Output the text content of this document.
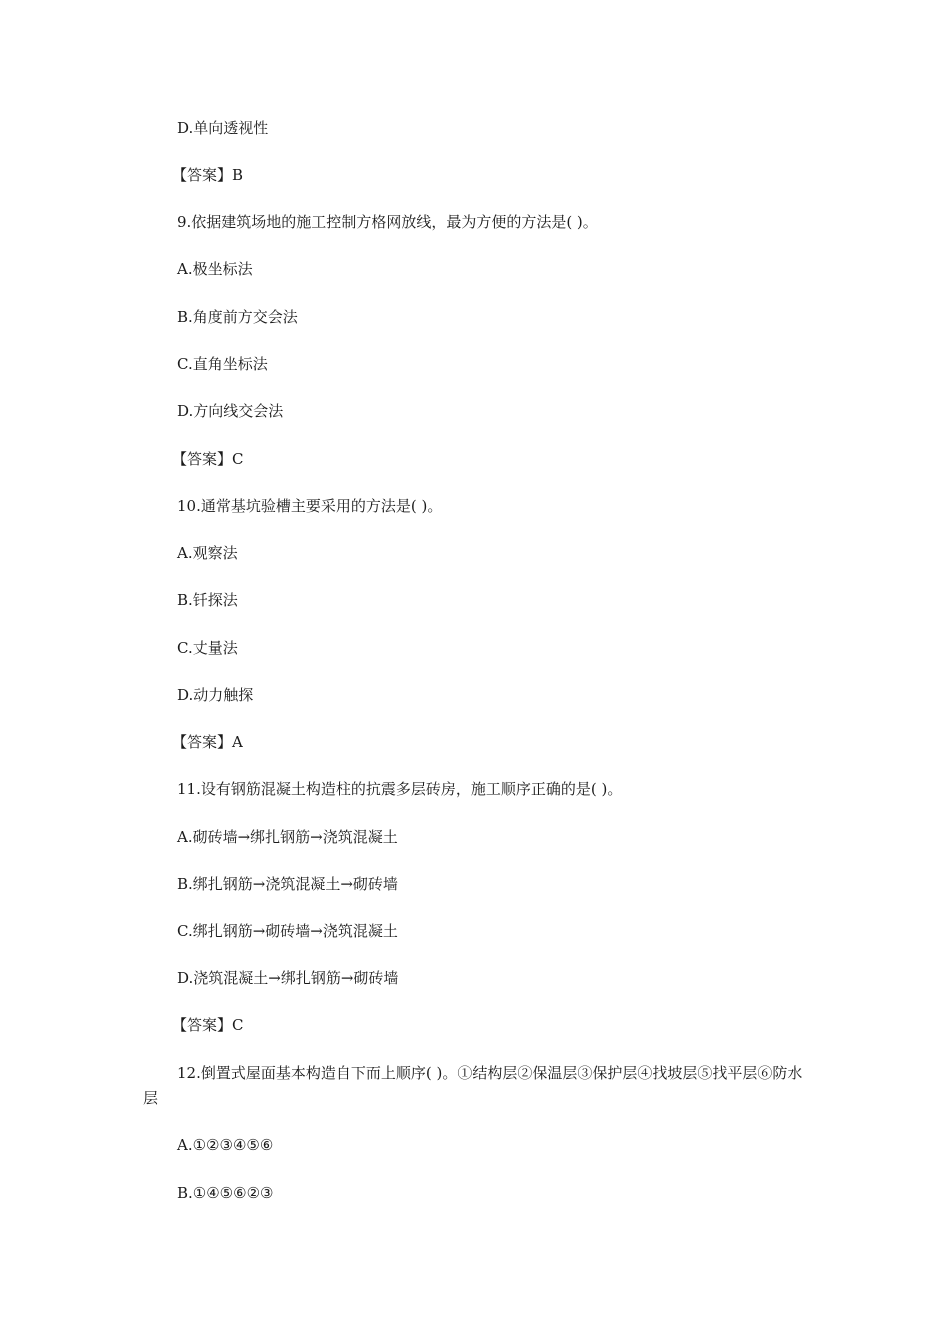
D.单向透视性
【答案】B
9.依据建筑场地的施工控制方格网放线，最为方便的方法是( )。
A.极坐标法
B.角度前方交会法
C.直角坐标法
D.方向线交会法
【答案】C
10.通常基坑验槽主要采用的方法是( )。
A.观察法
B.钎探法
C.丈量法
D.动力触探
【答案】A
11.设有钢筋混凝土构造柱的抗震多层砖房，施工顺序正确的是( )。
A.砌砖墙→绑扎钢筋→浇筑混凝土
B.绑扎钢筋→浇筑混凝土→砌砖墙
C.绑扎钢筋→砌砖墙→浇筑混凝土
D.浇筑混凝土→绑扎钢筋→砌砖墙
【答案】C
12.倒置式屋面基本构造自下而上顺序( )。①结构层②保温层③保护层④找坡层⑤找平层⑥防水层
A.①②③④⑤⑥
B.①④⑤⑥②③
